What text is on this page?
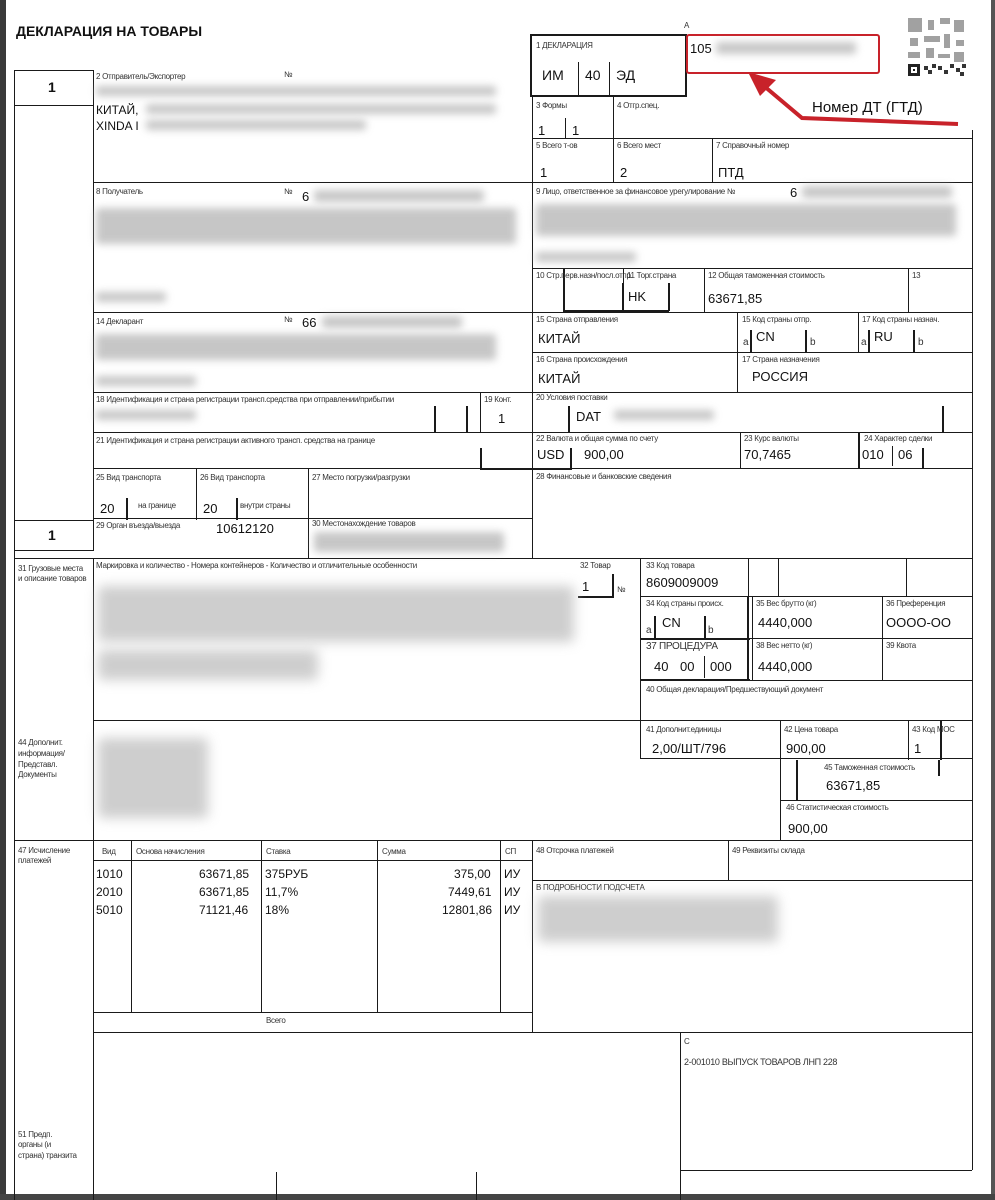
ДЕКЛАРАЦИЯ НА ТОВАРЫ
1
1
A
1 ДЕКЛАРАЦИЯ
ИМ 40 ЭД
2 Отправитель/Экспортер	№
КИТАЙ,
XINDA I
3 Формы	4 Отгр.спец.
1 1
5 Всего т-ов	6 Всего мест	7 Справочный номер
1	2	ПТД
8 Получатель	№ 6	9 Лицо, ответственное за финансовое урегулирование №	6
10 Стр.перв.назн/посл.отпр.
11 Торг.страна	12 Общая таможенная стоимость	13
HK	63671,85
14 Декларант	№ 66	15 Страна отправления
КИТАЙ
15 Код страны отпр.
a CN	b
17 Код страны назнач.
a RU	b
16 Страна происхождения
КИТАЙ
17 Страна назначения
РОССИЯ
18 Идентификация и страна регистрации трансп.средства при отправлении/прибытии	19 Конт.
1
20 Условия поставки
DAT
21 Идентификация и страна регистрации активного трансп. средства на границе	22 Валюта и общая сумма по счету
USD 900,00
23 Курс валюты
70,7465
24 Характер сделки
010 06
25 Вид транспорта
20	на границе
26 Вид транспорта
20	внутри страны
27 Место погрузки/разгрузки	28 Финансовые и банковские сведения
29 Орган въезда/выезда	10612120	30 Местонахождение товаров
31 Грузовые места и описание товаров
Маркировка и количество - Номера контейнеров - Количество и отличительные особенности	32 Товар
1	№
33 Код товара
8609009009
34 Код страны происх.
a
CN
b
35 Вес брутто (кг)
4440,000
36 Преференция
OOOO-OO
37 ПРОЦЕДУРА
40 00 000
38 Вес нетто (кг)
4440,000
39 Квота
40 Общая декларация/Предшествующий документ
41 Дополнит.единицы
2,00/ШТ/796
42 Цена товара
900,00
43 Код МОС
1
44 Дополнит. информация/ Представл. Документы
45 Таможенная стоимость
63671,85
46 Статистическая стоимость
900,00
47 Исчисление платежей
Вид	Основа начисления	Ставка	Сумма	СП
1010	63671,85 375РУБ	375,00 ИУ
2010	63671,85 11,7%	7449,61 ИУ
5010	71121,46 18%	12801,86 ИУ
Всего
48 Отсрочка платежей	49 Реквизиты склада
B ПОДРОБНОСТИ ПОДСЧЕТА
C
2-001010 ВЫПУСК ТОВАРОВ ЛНП 228
51 Предп. органы (и страна) транзита
105
Номер ДТ (ГТД)
